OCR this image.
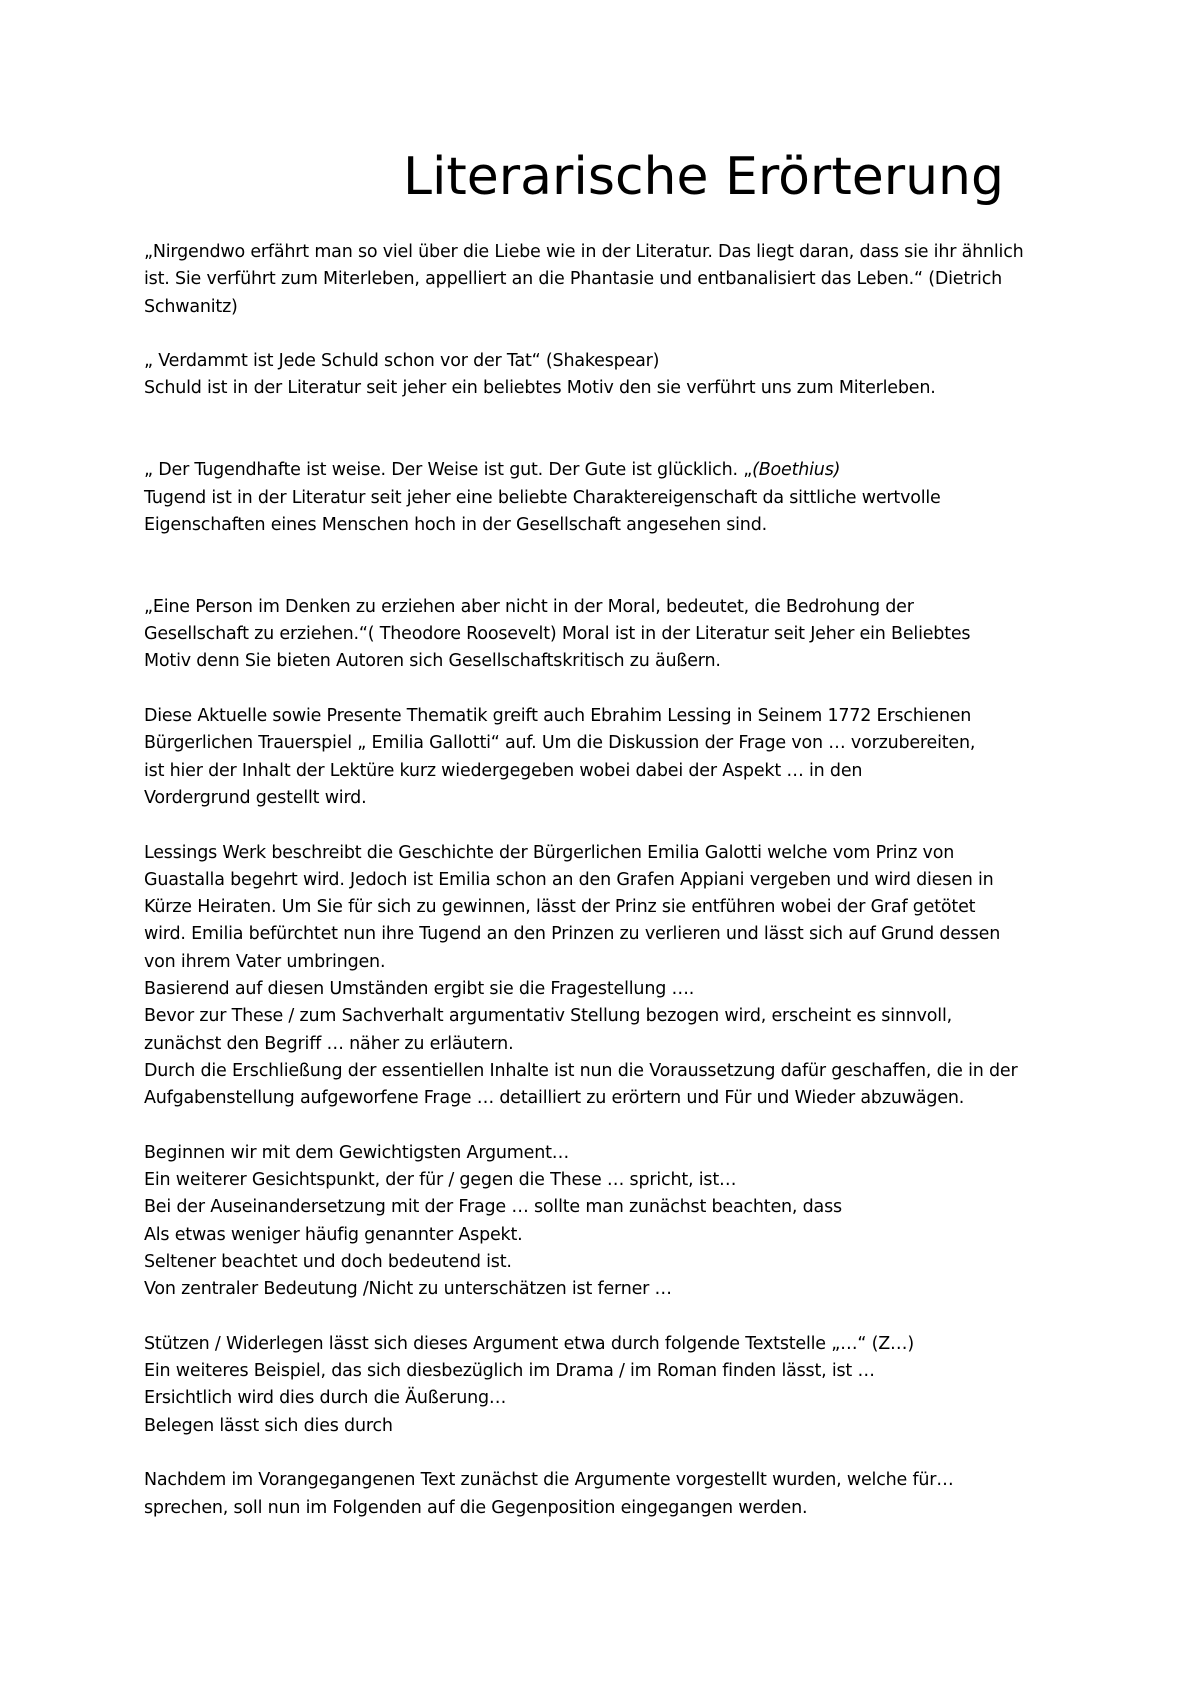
Literarische Erörterung

„Nirgendwo erfährt man so viel über die Liebe wie in der Literatur. Das liegt daran, dass sie ihr ähnlich
ist. Sie verführt zum Miterleben, appelliert an die Phantasie und entbanalisiert das Leben.“ (Dietrich
Schwanitz)

„ Verdammt ist Jede Schuld schon vor der Tat“ (Shakespear)
Schuld ist in der Literatur seit jeher ein beliebtes Motiv den sie verführt uns zum Miterleben.

„ Der Tugendhafte ist weise. Der Weise ist gut. Der Gute ist glücklich. „(Boethius)
Tugend ist in der Literatur seit jeher eine beliebte Charaktereigenschaft da sittliche wertvolle
Eigenschaften eines Menschen hoch in der Gesellschaft angesehen sind.

„Eine Person im Denken zu erziehen aber nicht in der Moral, bedeutet, die Bedrohung der
Gesellschaft zu erziehen.“( Theodore Roosevelt) Moral ist in der Literatur seit Jeher ein Beliebtes
Motiv denn Sie bieten Autoren sich Gesellschaftskritisch zu äußern.

Diese Aktuelle sowie Presente Thematik greift auch Ebrahim Lessing in Seinem 1772 Erschienen
Bürgerlichen Trauerspiel „ Emilia Gallotti“ auf. Um die Diskussion der Frage von … vorzubereiten,
ist hier der Inhalt der Lektüre kurz wiedergegeben wobei dabei der Aspekt … in den
Vordergrund gestellt wird.

Lessings Werk beschreibt die Geschichte der Bürgerlichen Emilia Galotti welche vom Prinz von
Guastalla begehrt wird. Jedoch ist Emilia schon an den Grafen Appiani vergeben und wird diesen in
Kürze Heiraten. Um Sie für sich zu gewinnen, lässt der Prinz sie entführen wobei der Graf getötet
wird. Emilia befürchtet nun ihre Tugend an den Prinzen zu verlieren und lässt sich auf Grund dessen
von ihrem Vater umbringen.
Basierend auf diesen Umständen ergibt sie die Fragestellung ….
Bevor zur These / zum Sachverhalt argumentativ Stellung bezogen wird, erscheint es sinnvoll,
zunächst den Begriff … näher zu erläutern.
Durch die Erschließung der essentiellen Inhalte ist nun die Voraussetzung dafür geschaffen, die in der
Aufgabenstellung aufgeworfene Frage … detailliert zu erörtern und Für und Wieder abzuwägen.

Beginnen wir mit dem Gewichtigsten Argument…
Ein weiterer Gesichtspunkt, der für / gegen die These … spricht, ist…
Bei der Auseinandersetzung mit der Frage … sollte man zunächst beachten, dass
Als etwas weniger häufig genannter Aspekt.
Seltener beachtet und doch bedeutend ist.
Von zentraler Bedeutung /Nicht zu unterschätzen ist ferner …

Stützen / Widerlegen lässt sich dieses Argument etwa durch folgende Textstelle „…“ (Z…)
Ein weiteres Beispiel, das sich diesbezüglich im Drama / im Roman finden lässt, ist …
Ersichtlich wird dies durch die Äußerung…
Belegen lässt sich dies durch

Nachdem im Vorangegangenen Text zunächst die Argumente vorgestellt wurden, welche für…
sprechen, soll nun im Folgenden auf die Gegenposition eingegangen werden.
